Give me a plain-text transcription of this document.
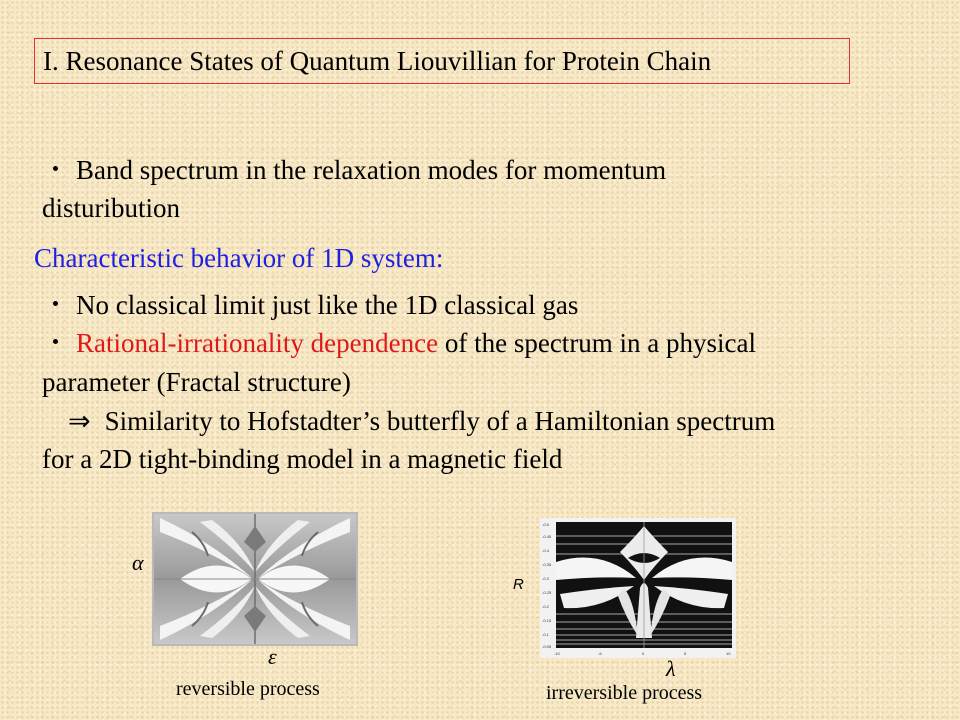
I. Resonance States of Quantum Liouvillian for Protein Chain
・ Band spectrum in the relaxation modes for momentum
disturibution
Characteristic behavior of 1D system:
・ No classical limit just like the 1D classical gas
・ Rational-irrationality dependence of the spectrum in a physical
parameter (Fractal structure)
⇒ Similarity to Hofstadter’s butterfly of a Hamiltonian spectrum
for a 2D tight-binding model in a magnetic field
α
ε
reversible process
R
-0.5
-0.45
-0.4
-0.35
-0.3
-0.25
-0.2
-0.15
-0.1
-0.05
-10	-5	0	5	10
λ
irreversible process
